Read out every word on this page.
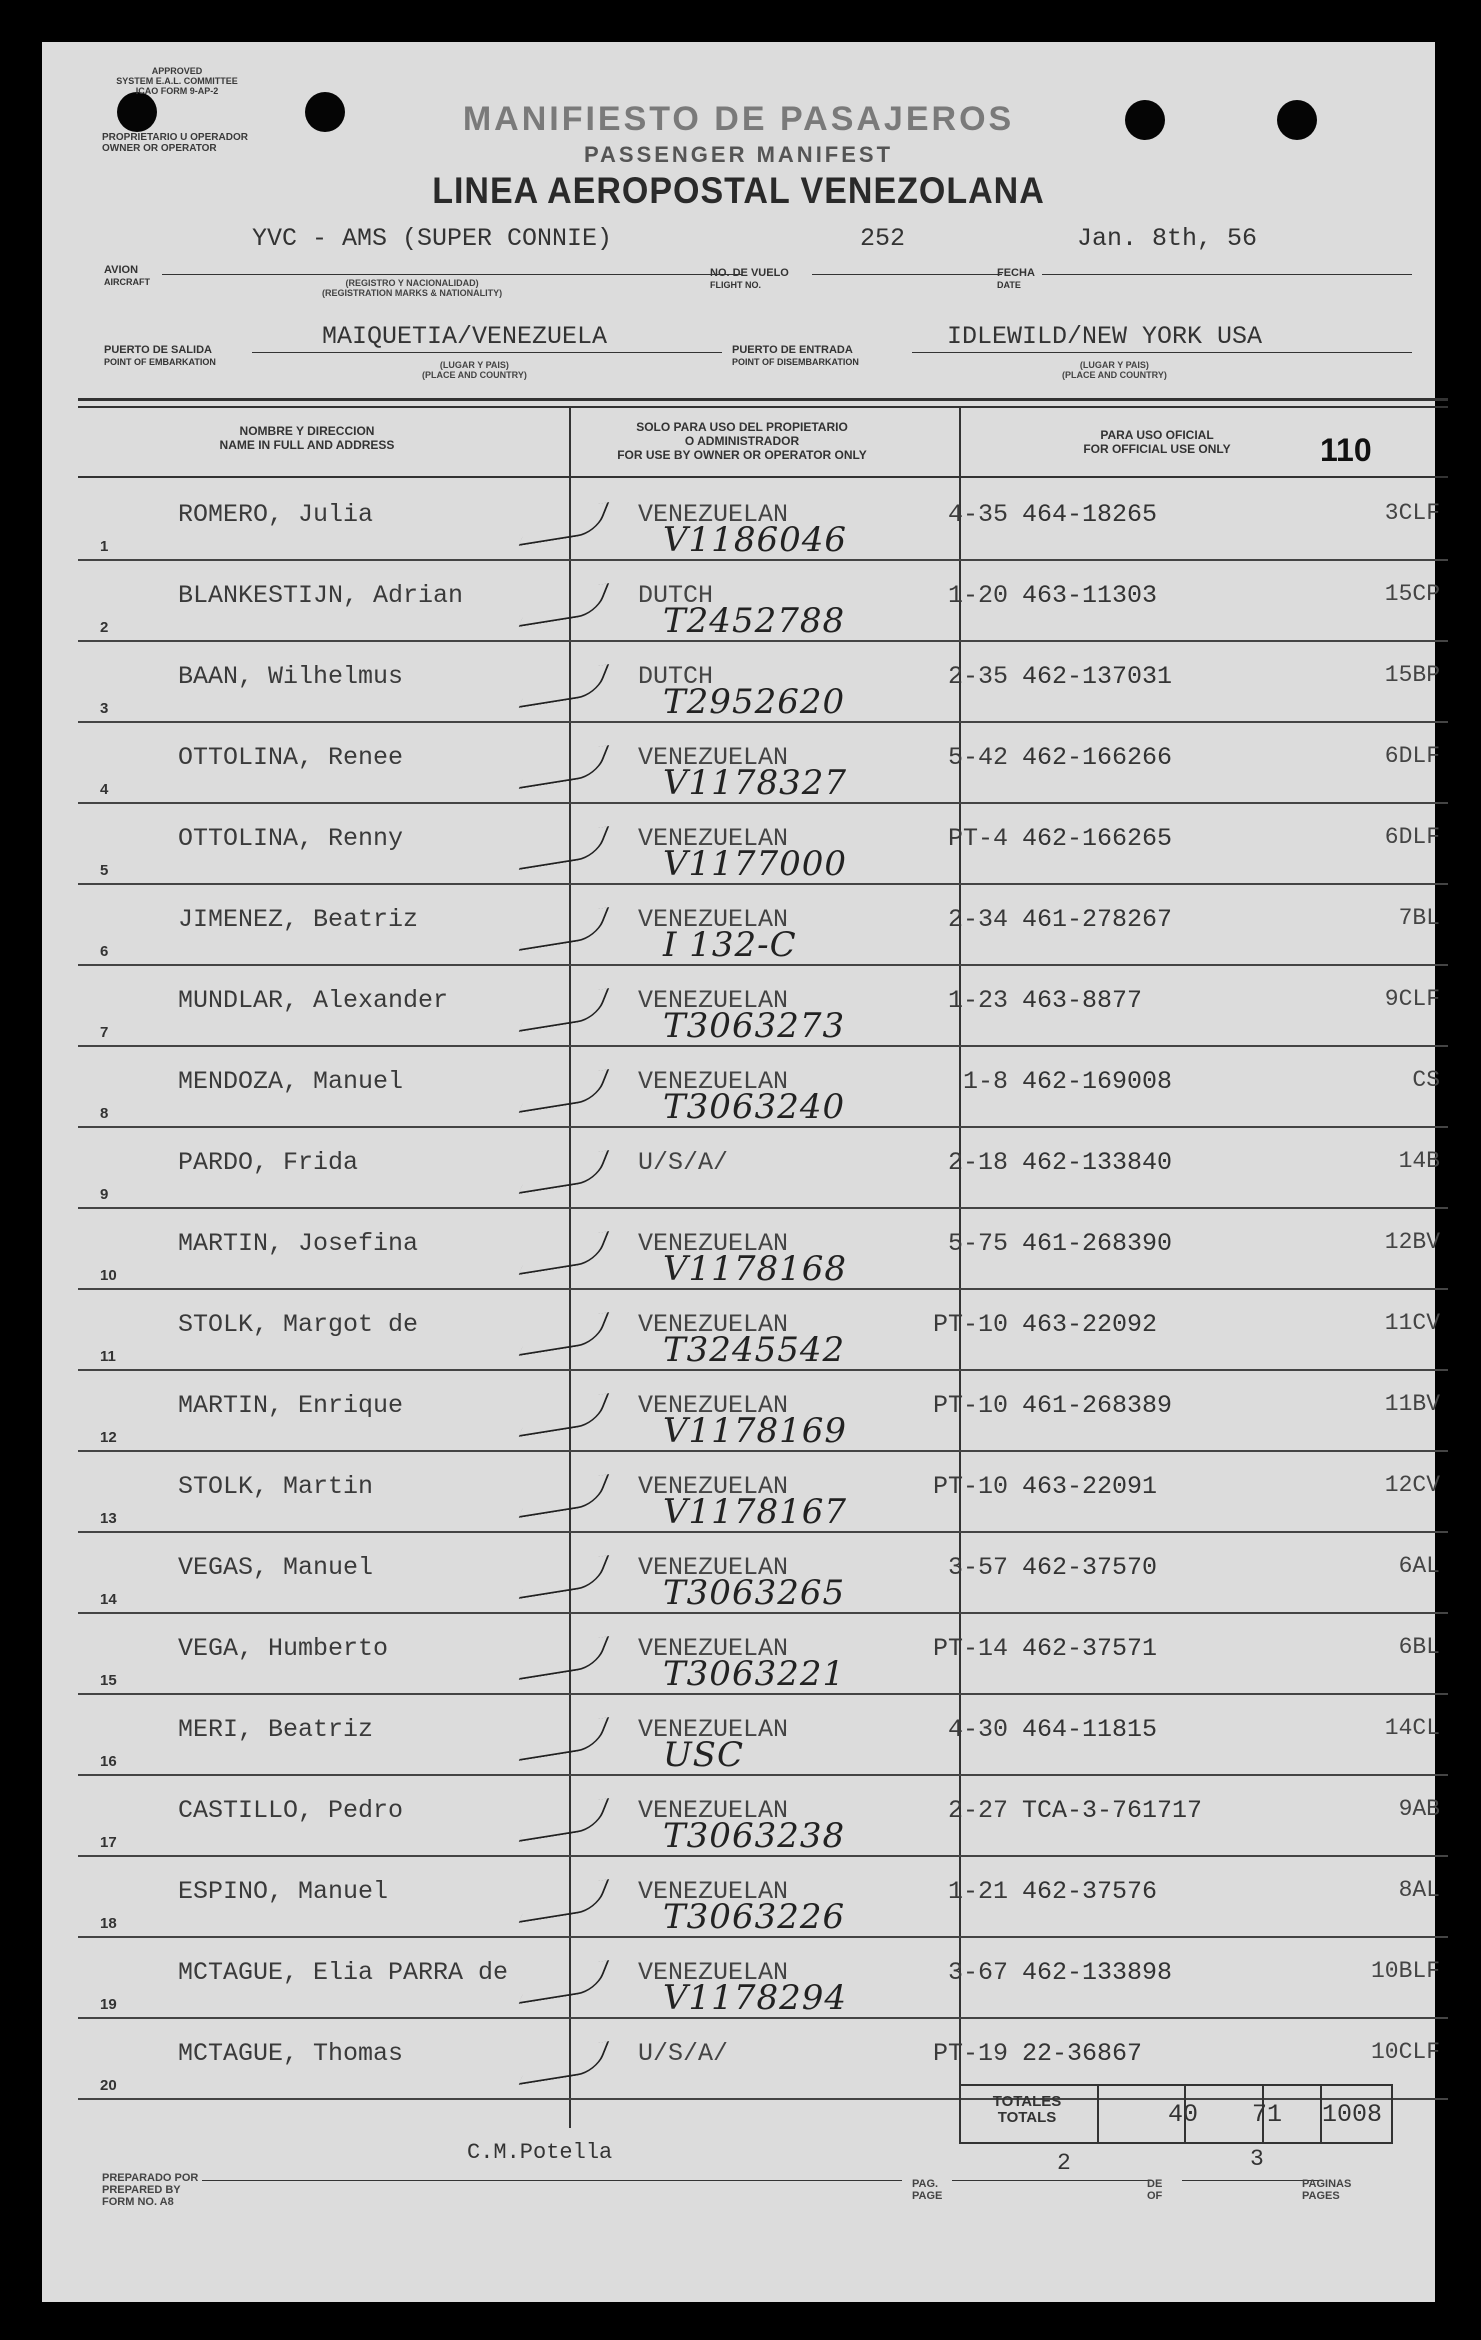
APPROVED
SYSTEM E.A.L. COMMITTEE
ICAO FORM 9-AP-2
PROPRIETARIO U OPERADOR
OWNER OR OPERATOR
MANIFIESTO DE PASAJEROS
PASSENGER MANIFEST
LINEA AEROPOSTAL VENEZOLANA
YVC - AMS (SUPER CONNIE)	252	Jan. 8th, 56
AVION
AIRCRAFT	(REGISTRO Y NACIONALIDAD)
(REGISTRATION MARKS & NATIONALITY)
NO. DE VUELO
FLIGHT NO.
FECHA
DATE
MAIQUETIA/VENEZUELA	IDLEWILD/NEW YORK USA
PUERTO DE SALIDA
POINT OF EMBARKATION	(LUGAR Y PAIS)
(PLACE AND COUNTRY)
PUERTO DE ENTRADA
POINT OF DISEMBARKATION	(LUGAR Y PAIS)
(PLACE AND COUNTRY)
NOMBRE Y DIRECCION
NAME IN FULL AND ADDRESS
SOLO PARA USO DEL PROPIETARIO
O ADMINISTRADOR
FOR USE BY OWNER OR OPERATOR ONLY
PARA USO OFICIAL
FOR OFFICIAL USE ONLY	110
1
ROMERO, Julia	VENEZUELAN	4-35 464-18265	3CLF
V1186046
2
BLANKESTIJN, Adrian	DUTCH	1-20 463-11303	15CP
T2452788
3
BAAN, Wilhelmus	DUTCH	2-35 462-137031	15BP
T2952620
4
OTTOLINA, Renee	VENEZUELAN	5-42 462-166266	6DLF
V1178327
5
OTTOLINA, Renny	VENEZUELAN	PT-4 462-166265	6DLF
V1177000
6
JIMENEZ, Beatriz	VENEZUELAN	2-34 461-278267	7BL
I 132-C
7
MUNDLAR, Alexander	VENEZUELAN	1-23 463-8877	9CLF
T3063273
8
MENDOZA, Manuel	VENEZUELAN	1-8 462-169008	CS
T3063240
9
PARDO, Frida	U/S/A/	2-18 462-133840	14B
10
MARTIN, Josefina	VENEZUELAN	5-75 461-268390	12BV
V1178168
11
STOLK, Margot de	VENEZUELAN	PT-10 463-22092	11CV
T3245542
12
MARTIN, Enrique	VENEZUELAN	PT-10 461-268389	11BV
V1178169
13
STOLK, Martin	VENEZUELAN	PT-10 463-22091	12CV
V1178167
14
VEGAS, Manuel	VENEZUELAN	3-57 462-37570	6AL
T3063265
15
VEGA, Humberto	VENEZUELAN	PT-14 462-37571	6BL
T3063221
16
MERI, Beatriz	VENEZUELAN	4-30 464-11815	14CL
USC
17
CASTILLO, Pedro	VENEZUELAN	2-27 TCA-3-761717	9AB
T3063238
18
ESPINO, Manuel	VENEZUELAN	1-21 462-37576	8AL
T3063226
19
MCTAGUE, Elia PARRA de	VENEZUELAN	3-67 462-133898	10BLF
V1178294
20
MCTAGUE, Thomas	U/S/A/	PT-19 22-36867	10CLF
TOTALES
TOTALS	40 71 1008
C.M.Potella
PREPARADO POR
PREPARED BY
FORM NO. A8
PAG.
PAGE
2
DE
OF
3
PAGINAS
PAGES
